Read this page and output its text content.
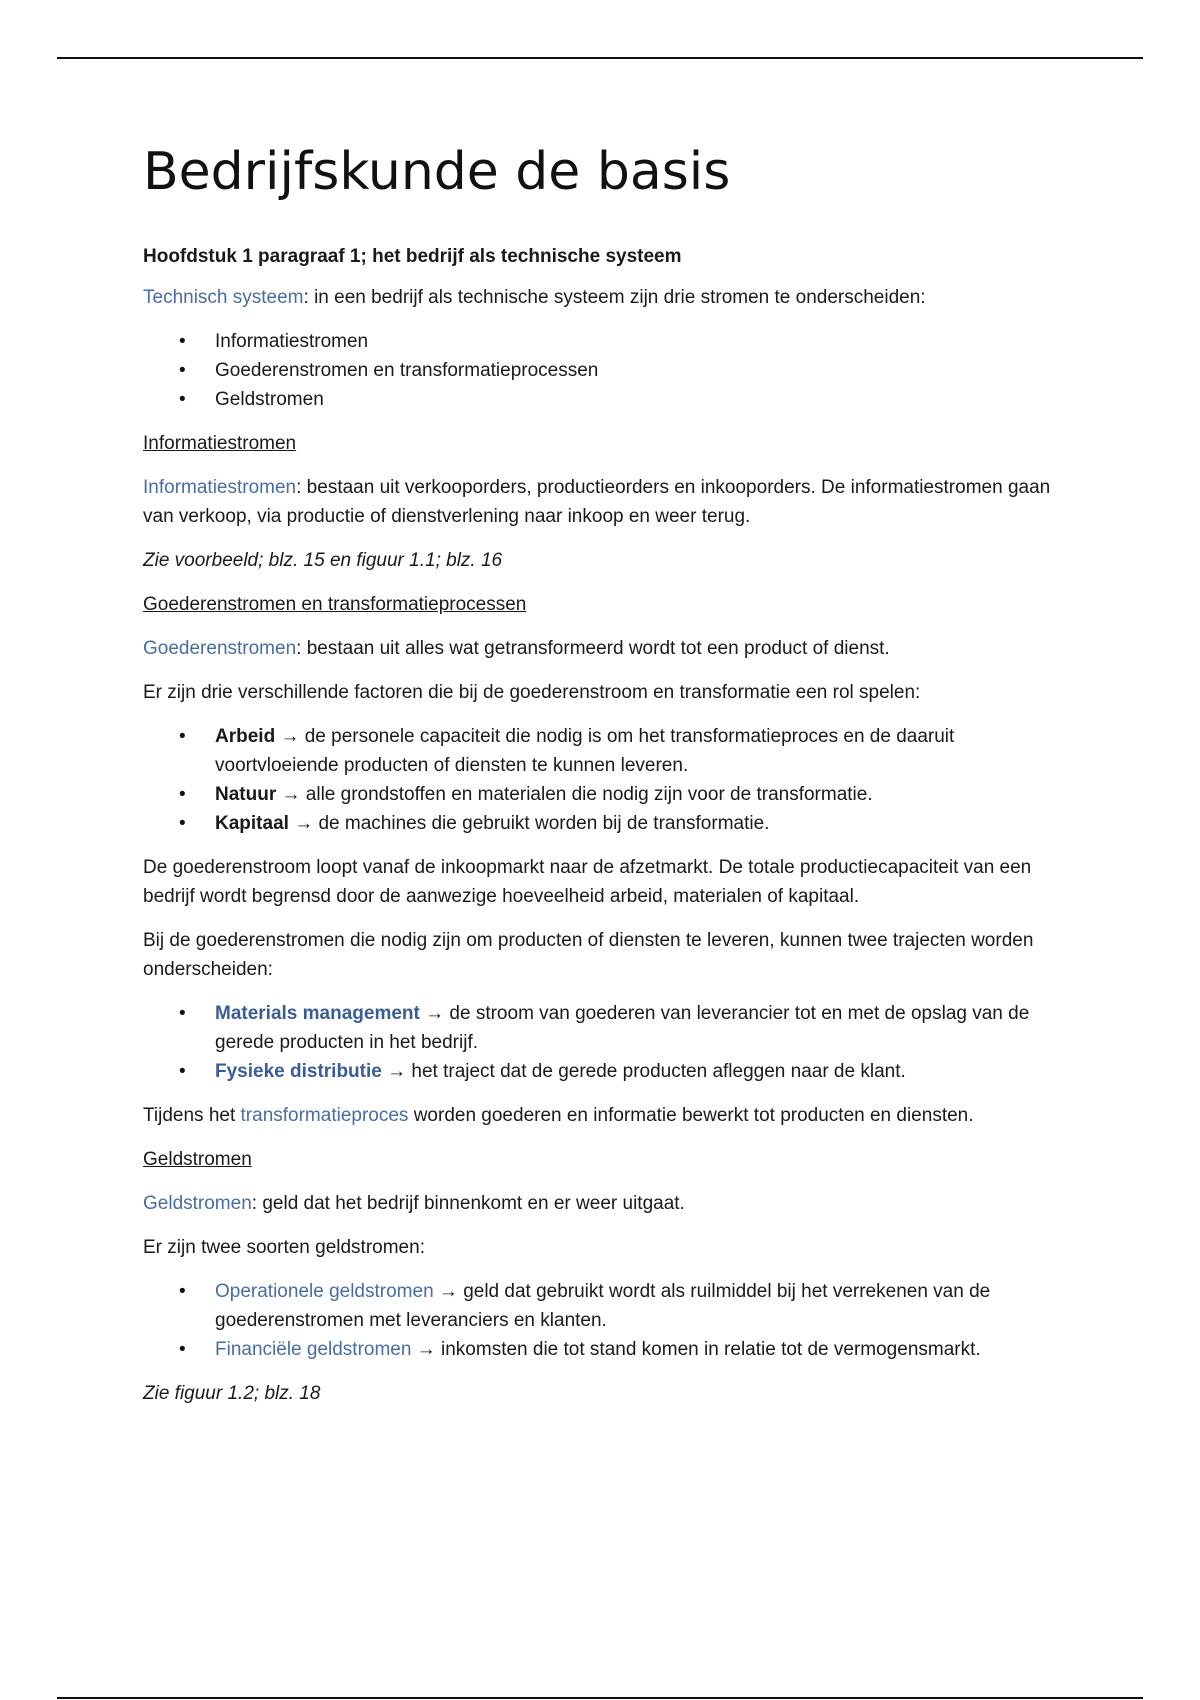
Bedrijfskunde de basis

Hoofdstuk 1 paragraaf 1; het bedrijf als technische systeem

Technisch systeem: in een bedrijf als technische systeem zijn drie stromen te onderscheiden:

• Informatiestromen
• Goederenstromen en transformatieprocessen
• Geldstromen

Informatiestromen

Informatiestromen: bestaan uit verkooporders, productieorders en inkooporders. De informatiestromen gaan van verkoop, via productie of dienstverlening naar inkoop en weer terug.

Zie voorbeeld; blz. 15 en figuur 1.1; blz. 16

Goederenstromen en transformatieprocessen

Goederenstromen: bestaan uit alles wat getransformeerd wordt tot een product of dienst.

Er zijn drie verschillende factoren die bij de goederenstroom en transformatie een rol spelen:

• Arbeid → de personele capaciteit die nodig is om het transformatieproces en de daaruit voortvloeiende producten of diensten te kunnen leveren.
• Natuur → alle grondstoffen en materialen die nodig zijn voor de transformatie.
• Kapitaal → de machines die gebruikt worden bij de transformatie.

De goederenstroom loopt vanaf de inkoopmarkt naar de afzetmarkt. De totale productiecapaciteit van een bedrijf wordt begrensd door de aanwezige hoeveelheid arbeid, materialen of kapitaal.

Bij de goederenstromen die nodig zijn om producten of diensten te leveren, kunnen twee trajecten worden onderscheiden:

• Materials management → de stroom van goederen van leverancier tot en met de opslag van de gerede producten in het bedrijf.
• Fysieke distributie → het traject dat de gerede producten afleggen naar de klant.

Tijdens het transformatieproces worden goederen en informatie bewerkt tot producten en diensten.

Geldstromen

Geldstromen: geld dat het bedrijf binnenkomt en er weer uitgaat.

Er zijn twee soorten geldstromen:

• Operationele geldstromen → geld dat gebruikt wordt als ruilmiddel bij het verrekenen van de goederenstromen met leveranciers en klanten.
• Financiële geldstromen → inkomsten die tot stand komen in relatie tot de vermogensmarkt.

Zie figuur 1.2; blz. 18
